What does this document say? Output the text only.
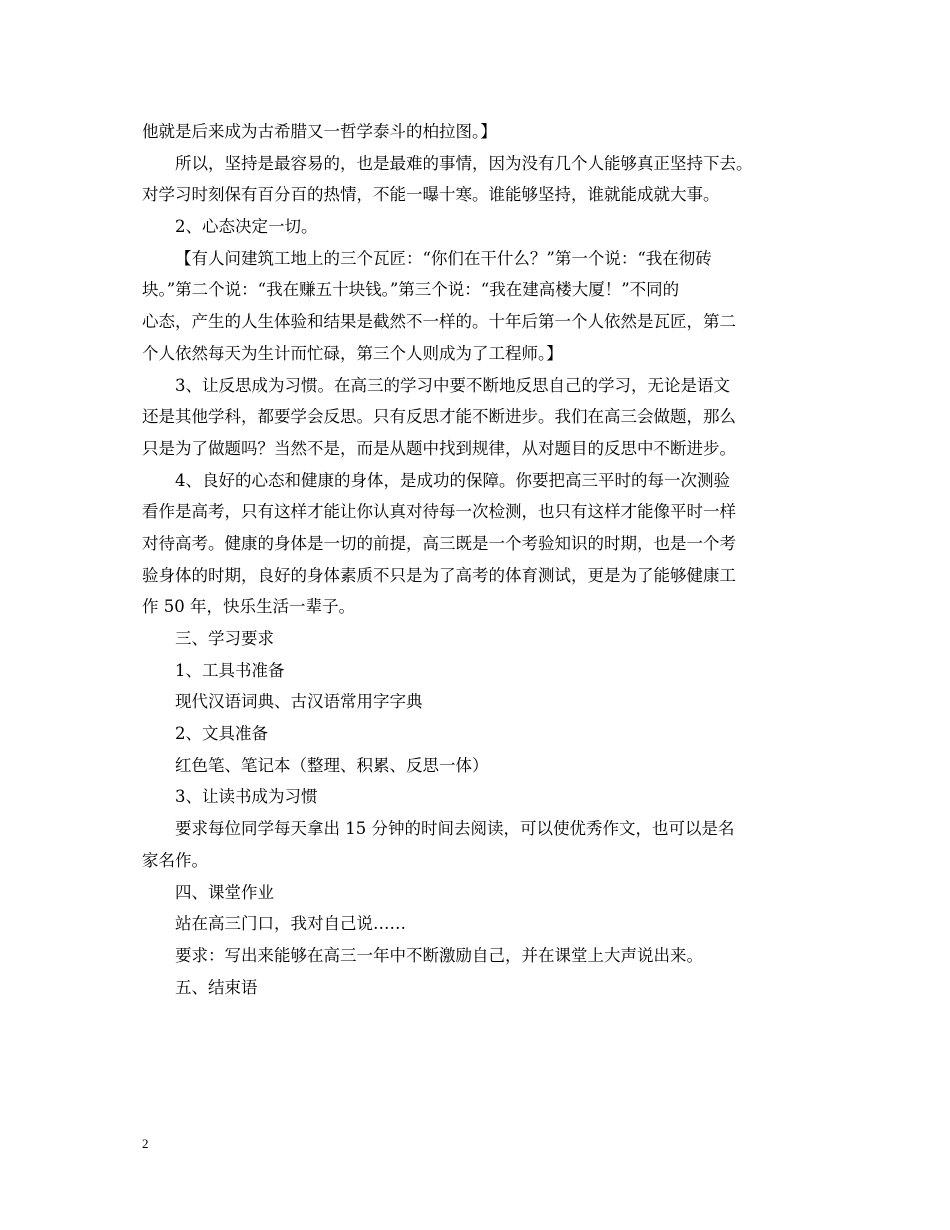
他就是后来成为古希腊又一哲学泰斗的柏拉图。】
所以，坚持是最容易的，也是最难的事情，因为没有几个人能够真正坚持下去。
对学习时刻保有百分百的热情，不能一曝十寒。谁能够坚持，谁就能成就大事。
2、心态决定一切。
【有人问建筑工地上的三个瓦匠：“你们在干什么？”第一个说：“我在彻砖
块。”第二个说：“我在赚五十块钱。”第三个说：“我在建高楼大厦！”不同的
心态，产生的人生体验和结果是截然不一样的。十年后第一个人依然是瓦匠，第二
个人依然每天为生计而忙碌，第三个人则成为了工程师。】
3、让反思成为习惯。在高三的学习中要不断地反思自己的学习，无论是语文
还是其他学科，都要学会反思。只有反思才能不断进步。我们在高三会做题，那么
只是为了做题吗？当然不是，而是从题中找到规律，从对题目的反思中不断进步。
4、良好的心态和健康的身体，是成功的保障。你要把高三平时的每一次测验
看作是高考，只有这样才能让你认真对待每一次检测，也只有这样才能像平时一样
对待高考。健康的身体是一切的前提，高三既是一个考验知识的时期，也是一个考
验身体的时期，良好的身体素质不只是为了高考的体育测试，更是为了能够健康工
作 50 年，快乐生活一辈子。
三、学习要求
1、工具书准备
现代汉语词典、古汉语常用字字典
2、文具准备
红色笔、笔记本（整理、积累、反思一体）
3、让读书成为习惯
要求每位同学每天拿出 15 分钟的时间去阅读，可以使优秀作文，也可以是名
家名作。
四、课堂作业
站在高三门口，我对自己说……
要求：写出来能够在高三一年中不断激励自己，并在课堂上大声说出来。
五、结束语
2
